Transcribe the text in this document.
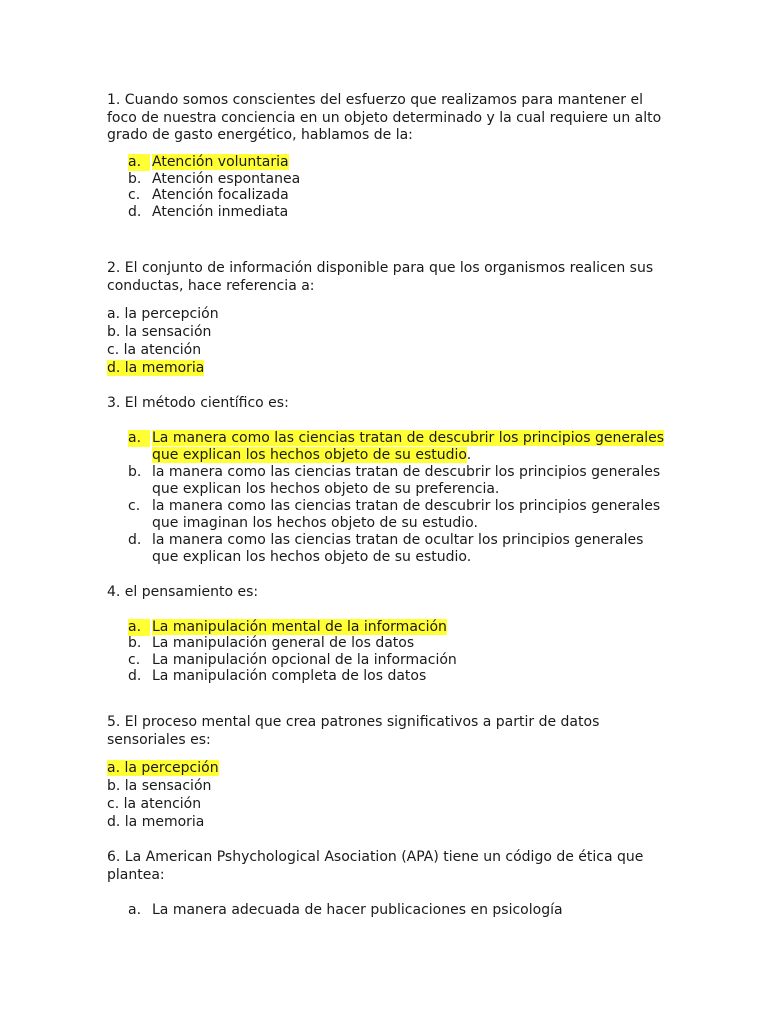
1. Cuando somos conscientes del esfuerzo que realizamos para mantener el foco de nuestra conciencia en un objeto determinado y la cual requiere un alto grado de gasto energético, hablamos de la:

a. Atención voluntaria
b. Atención espontanea
c. Atención focalizada
d. Atención inmediata

2. El conjunto de información disponible para que los organismos realicen sus conductas, hace referencia a:

a. la percepción
b. la sensación
c. la atención
d. la memoria

3. El método científico es:

a. La manera como las ciencias tratan de descubrir los principios generales que explican los hechos objeto de su estudio.
b. la manera como las ciencias tratan de descubrir los principios generales que explican los hechos objeto de su preferencia.
c. la manera como las ciencias tratan de descubrir los principios generales que imaginan los hechos objeto de su estudio.
d. la manera como las ciencias tratan de ocultar los principios generales que explican los hechos objeto de su estudio.

4. el pensamiento es:

a. La manipulación mental de la información
b. La manipulación general de los datos
c. La manipulación opcional de la información
d. La manipulación completa de los datos

5. El proceso mental que crea patrones significativos a partir de datos sensoriales es:

a. la percepción
b. la sensación
c. la atención
d. la memoria

6. La American Pshychological Asociation (APA) tiene un código de ética que plantea:

a. La manera adecuada de hacer publicaciones en psicología
